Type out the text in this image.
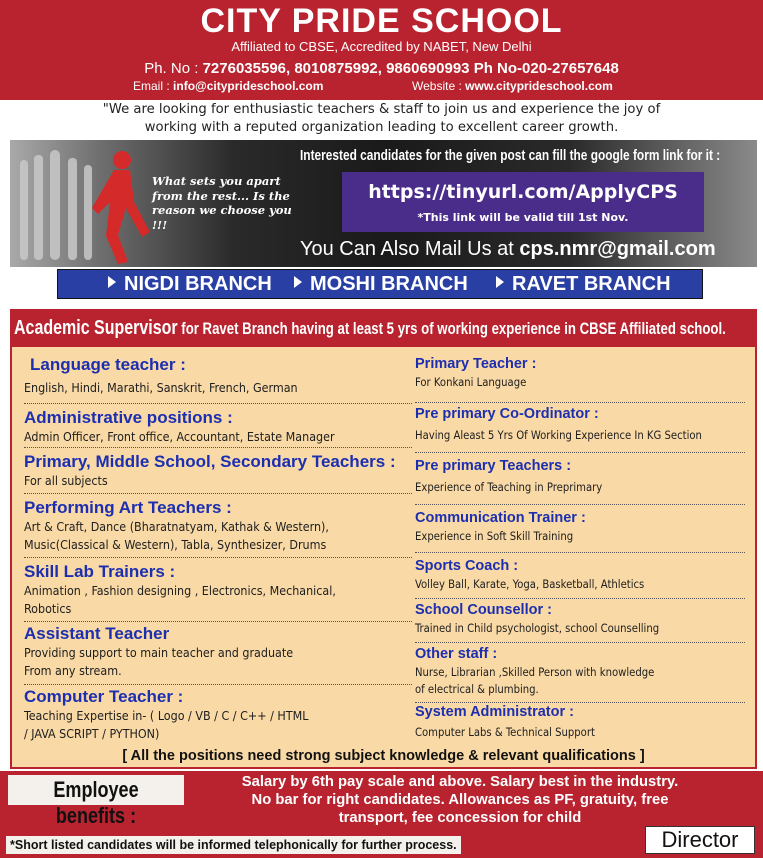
CITY PRIDE SCHOOL
Affiliated to CBSE, Accredited by NABET, New Delhi
Ph. No : 7276035596, 8010875992, 9860690993 Ph No-020-27657648
Email : info@cityprideschool.com	Website : www.cityprideschool.com
"We are looking for enthusiastic teachers & staff to join us and experience the joy of
working with a reputed organization leading to excellent career growth.
What sets you apart from the rest... Is the reason we choose you !!!
Interested candidates for the given post can fill the google form link for it :
https://tinyurl.com/ApplyCPS
*This link will be valid till 1st Nov.
You Can Also Mail Us at cps.nmr@gmail.com
NIGDI BRANCH	MOSHI BRANCH	RAVET BRANCH
Academic Supervisor for Ravet Branch having at least 5 yrs of working experience in CBSE Affiliated school.
Language teacher :
English, Hindi, Marathi, Sanskrit, French, German
Administrative positions :
Admin Officer, Front office, Accountant, Estate Manager
Primary, Middle School, Secondary Teachers :
For all subjects
Performing Art Teachers :
Art & Craft, Dance (Bharatnatyam, Kathak & Western),
Music(Classical & Western), Tabla, Synthesizer, Drums
Skill Lab Trainers :
Animation , Fashion designing , Electronics, Mechanical,
Robotics
Assistant Teacher
Providing support to main teacher and graduate
From any stream.
Computer Teacher :
Teaching Expertise in- ( Logo / VB / C / C++ / HTML
/ JAVA SCRIPT / PYTHON)
Primary Teacher :
For Konkani Language
Pre primary Co-Ordinator :
Having Aleast 5 Yrs Of Working Experience In KG Section
Pre primary Teachers :
Experience of Teaching in Preprimary
Communication Trainer :
Experience in Soft Skill Training
Sports Coach :
Volley Ball, Karate, Yoga, Basketball, Athletics
School Counsellor :
Trained in Child psychologist, school Counselling
Other staff :
Nurse, Librarian ,Skilled Person with knowledge
of electrical & plumbing.
System Administrator :
Computer Labs & Technical Support
[ All the positions need strong subject knowledge & relevant qualifications ]
Employee benefits :
Salary by 6th pay scale and above. Salary best in the industry.
No bar for right candidates. Allowances as PF, gratuity, free
transport, fee concession for child
*Short listed candidates will be informed telephonically for further process.	Director
